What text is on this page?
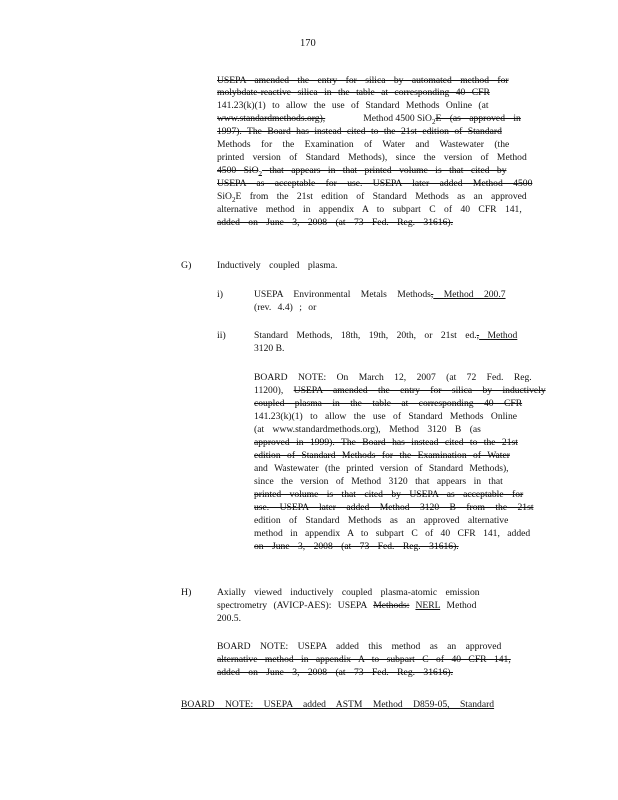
170
USEPA amended the entry for silica by automated method for
molybdate-reactive silica in the table at corresponding 40 CFR
141.23(k)(1) to allow the use of Standard Methods Online (at
www.standardmethods.org),	Method 4500 SiO$_2$E (as approved in
1997). The Board has instead cited to the 21st edition of Standard
Methods for the Examination of Water and Wastewater (the
printed version of Standard Methods), since the version of Method
4500 SiO$_2$ that appears in that printed volume is that cited by
USEPA as acceptable for use. USEPA later added Method 4500
SiO$_2$E from the 21st edition of Standard Methods as an approved
alternative method in appendix A to subpart C of 40 CFR 141,
added on June 3, 2008 (at 73 Fed. Reg. 31616).
G)	Inductively coupled plasma.
i)	USEPA Environmental Metals Methods, Method 200.7
(rev. 4.4) ; or
ii)	Standard Methods, 18th, 19th, 20th, or 21st ed., Method
3120 B.
BOARD NOTE: On March 12, 2007 (at 72 Fed. Reg.
11200), USEPA amended the entry for silica by inductively
coupled plasma in the table at corresponding 40 CFR
141.23(k)(1) to allow the use of Standard Methods Online
(at www.standardmethods.org), Method 3120 B (as
approved in 1999). The Board has instead cited to the 21st
edition of Standard Methods for the Examination of Water
and Wastewater (the printed version of Standard Methods),
since the version of Method 3120 that appears in that
printed volume is that cited by USEPA as acceptable for
use. USEPA later added Method 3120 B from the 21st
edition of Standard Methods as an approved alternative
method in appendix A to subpart C of 40 CFR 141, added
on June 3, 2008 (at 73 Fed. Reg. 31616).
H)	Axially viewed inductively coupled plasma-atomic emission
spectrometry (AVICP-AES): USEPA Methods: NERL Method
200.5.
BOARD NOTE: USEPA added this method as an approved
alternative method in appendix A to subpart C of 40 CFR 141,
added on June 3, 2008 (at 73 Fed. Reg. 31616).
BOARD NOTE: USEPA added ASTM Method D859-05, Standard
